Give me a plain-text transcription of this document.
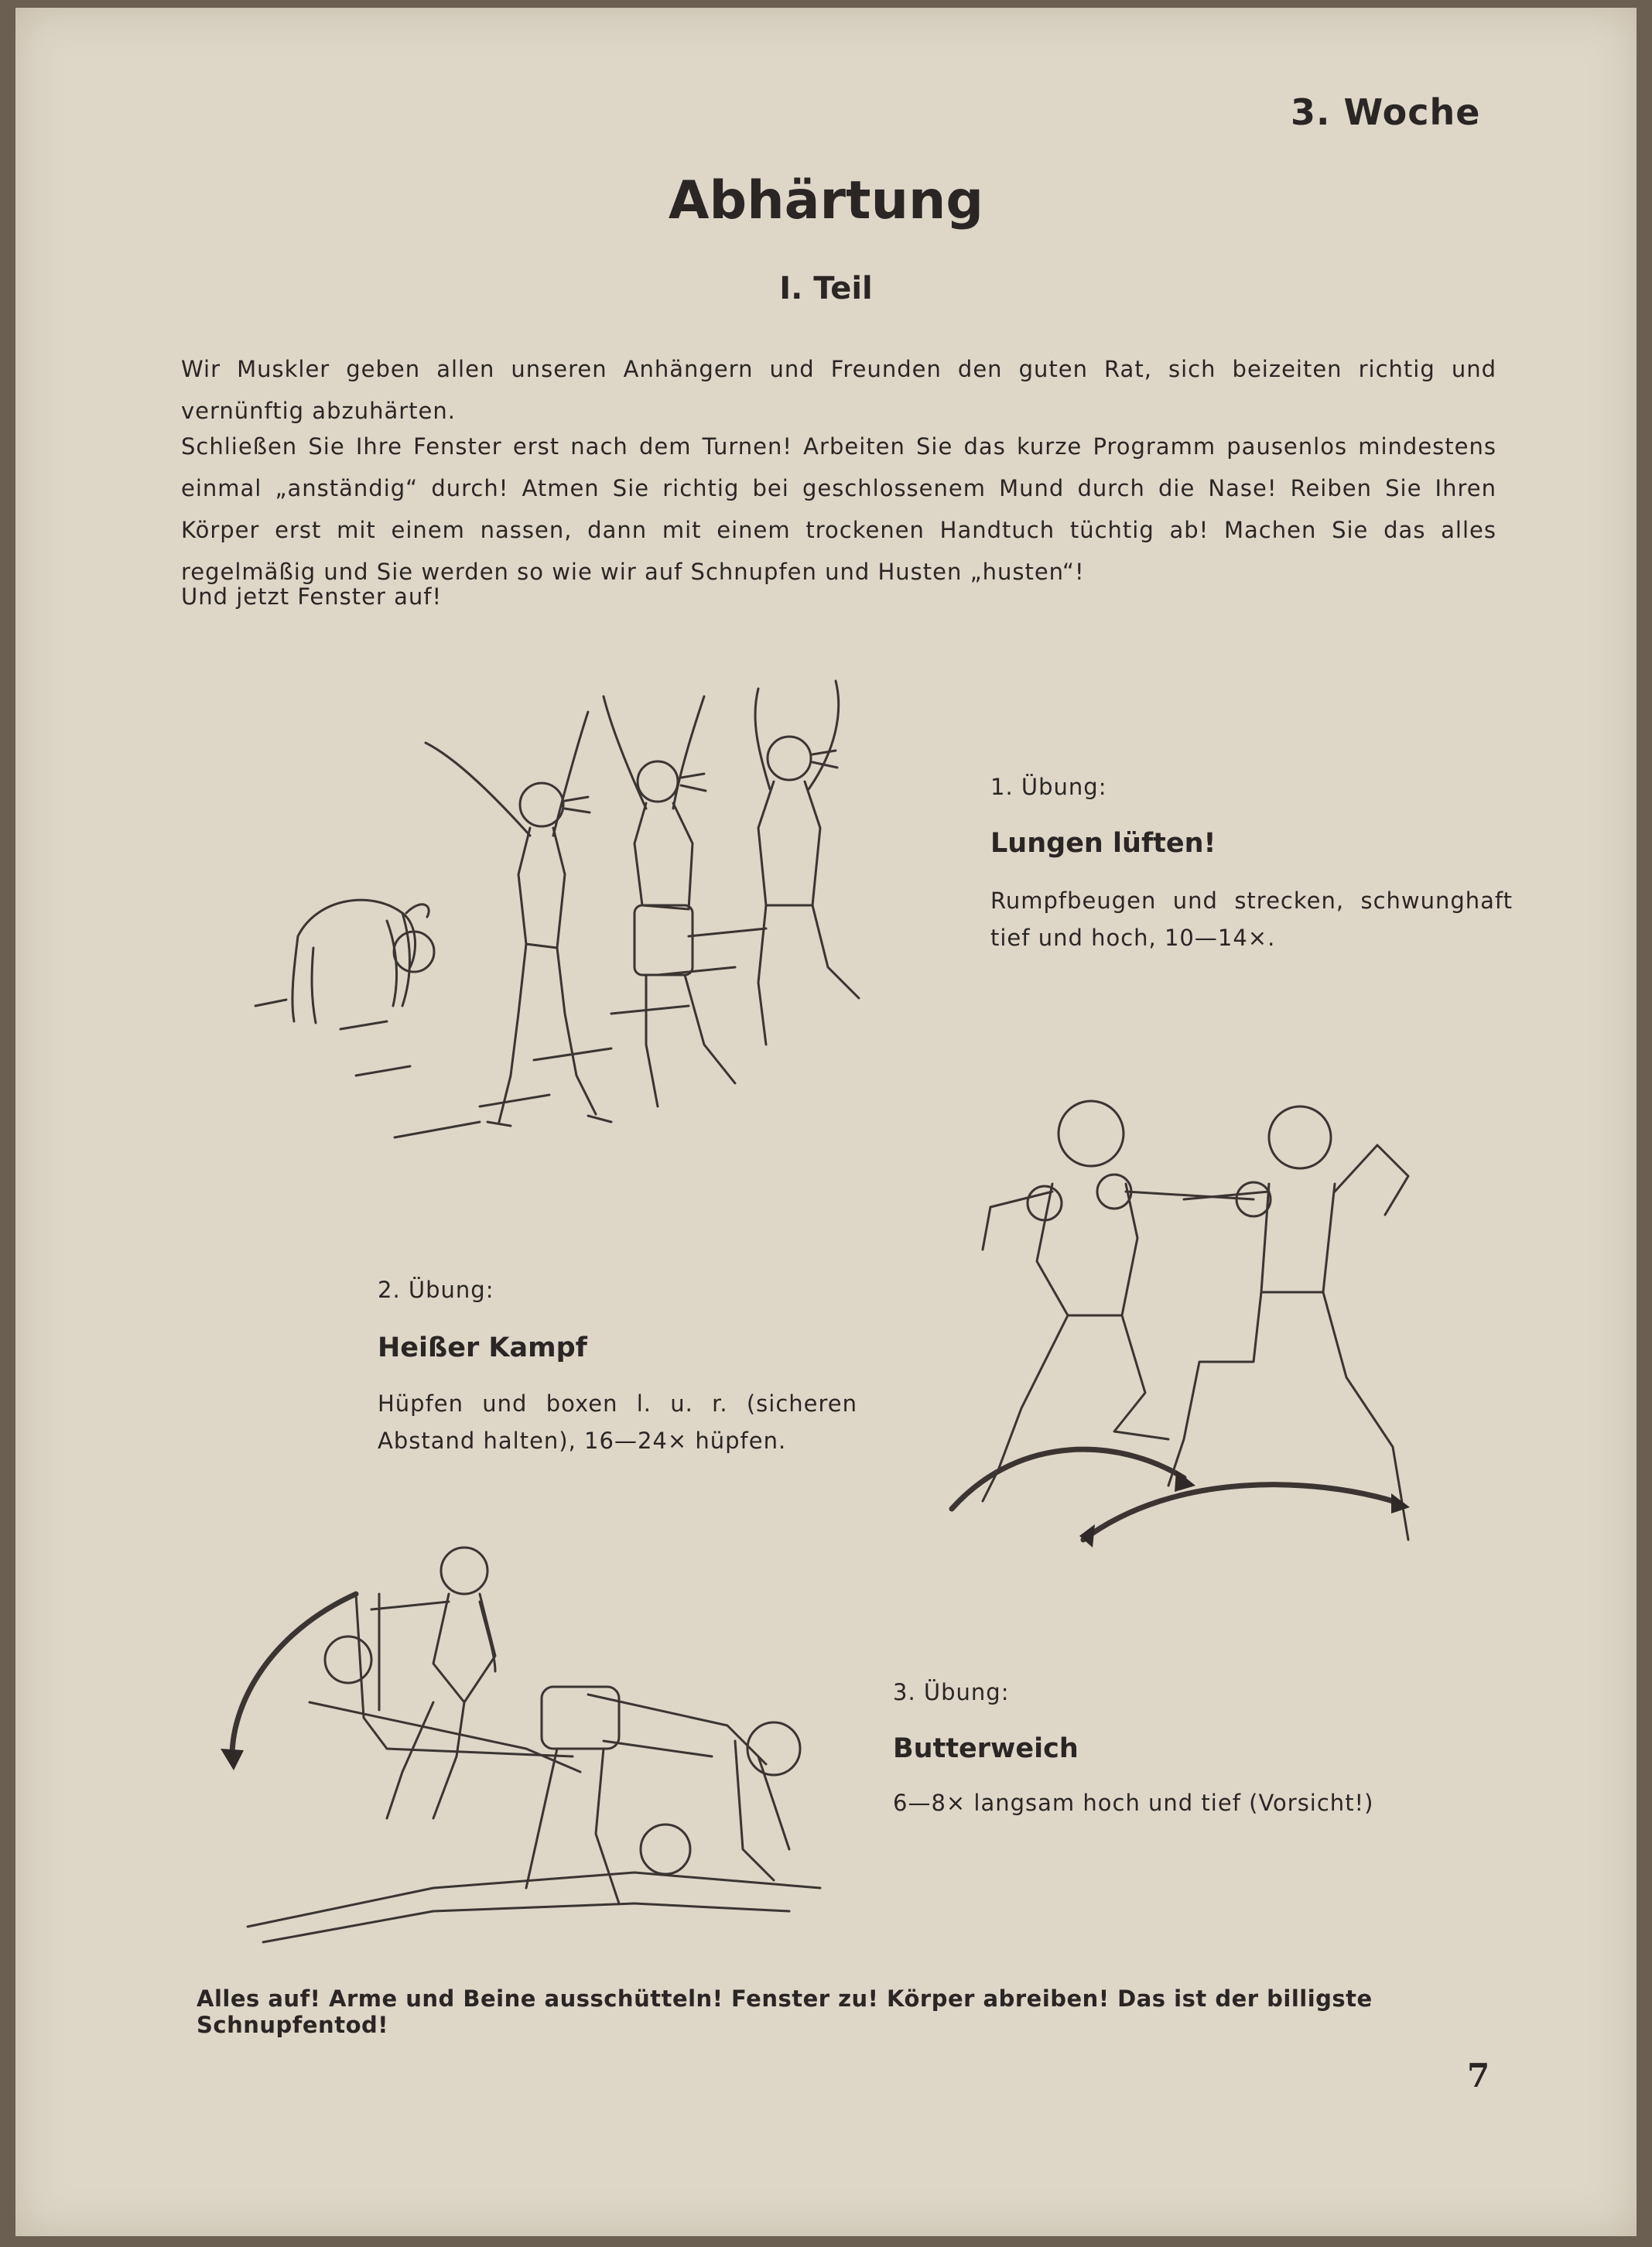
3. Woche
Abhärtung
I. Teil
Wir Muskler geben allen unseren Anhängern und Freunden den guten Rat, sich beizeiten richtig und vernünftig abzuhärten.
Schließen Sie Ihre Fenster erst nach dem Turnen! Arbeiten Sie das kurze Programm pausenlos mindestens einmal „anständig“ durch! Atmen Sie richtig bei geschlossenem Mund durch die Nase! Reiben Sie Ihren Körper erst mit einem nassen, dann mit einem trockenen Handtuch tüchtig ab! Machen Sie das alles regelmäßig und Sie werden so wie wir auf Schnupfen und Husten „husten“!
Und jetzt Fenster auf!
1. Übung:
Lungen lüften!
Rumpfbeugen und strecken, schwunghaft tief und hoch, 10—14×.
2. Übung:
Heißer Kampf
Hüpfen und boxen l. u. r. (sicheren Abstand halten), 16—24× hüpfen.
3. Übung:
Butterweich
6—8× langsam hoch und tief (Vorsicht!)
Alles auf! Arme und Beine ausschütteln! Fenster zu! Körper abreiben! Das ist der billigste Schnupfentod!
7
